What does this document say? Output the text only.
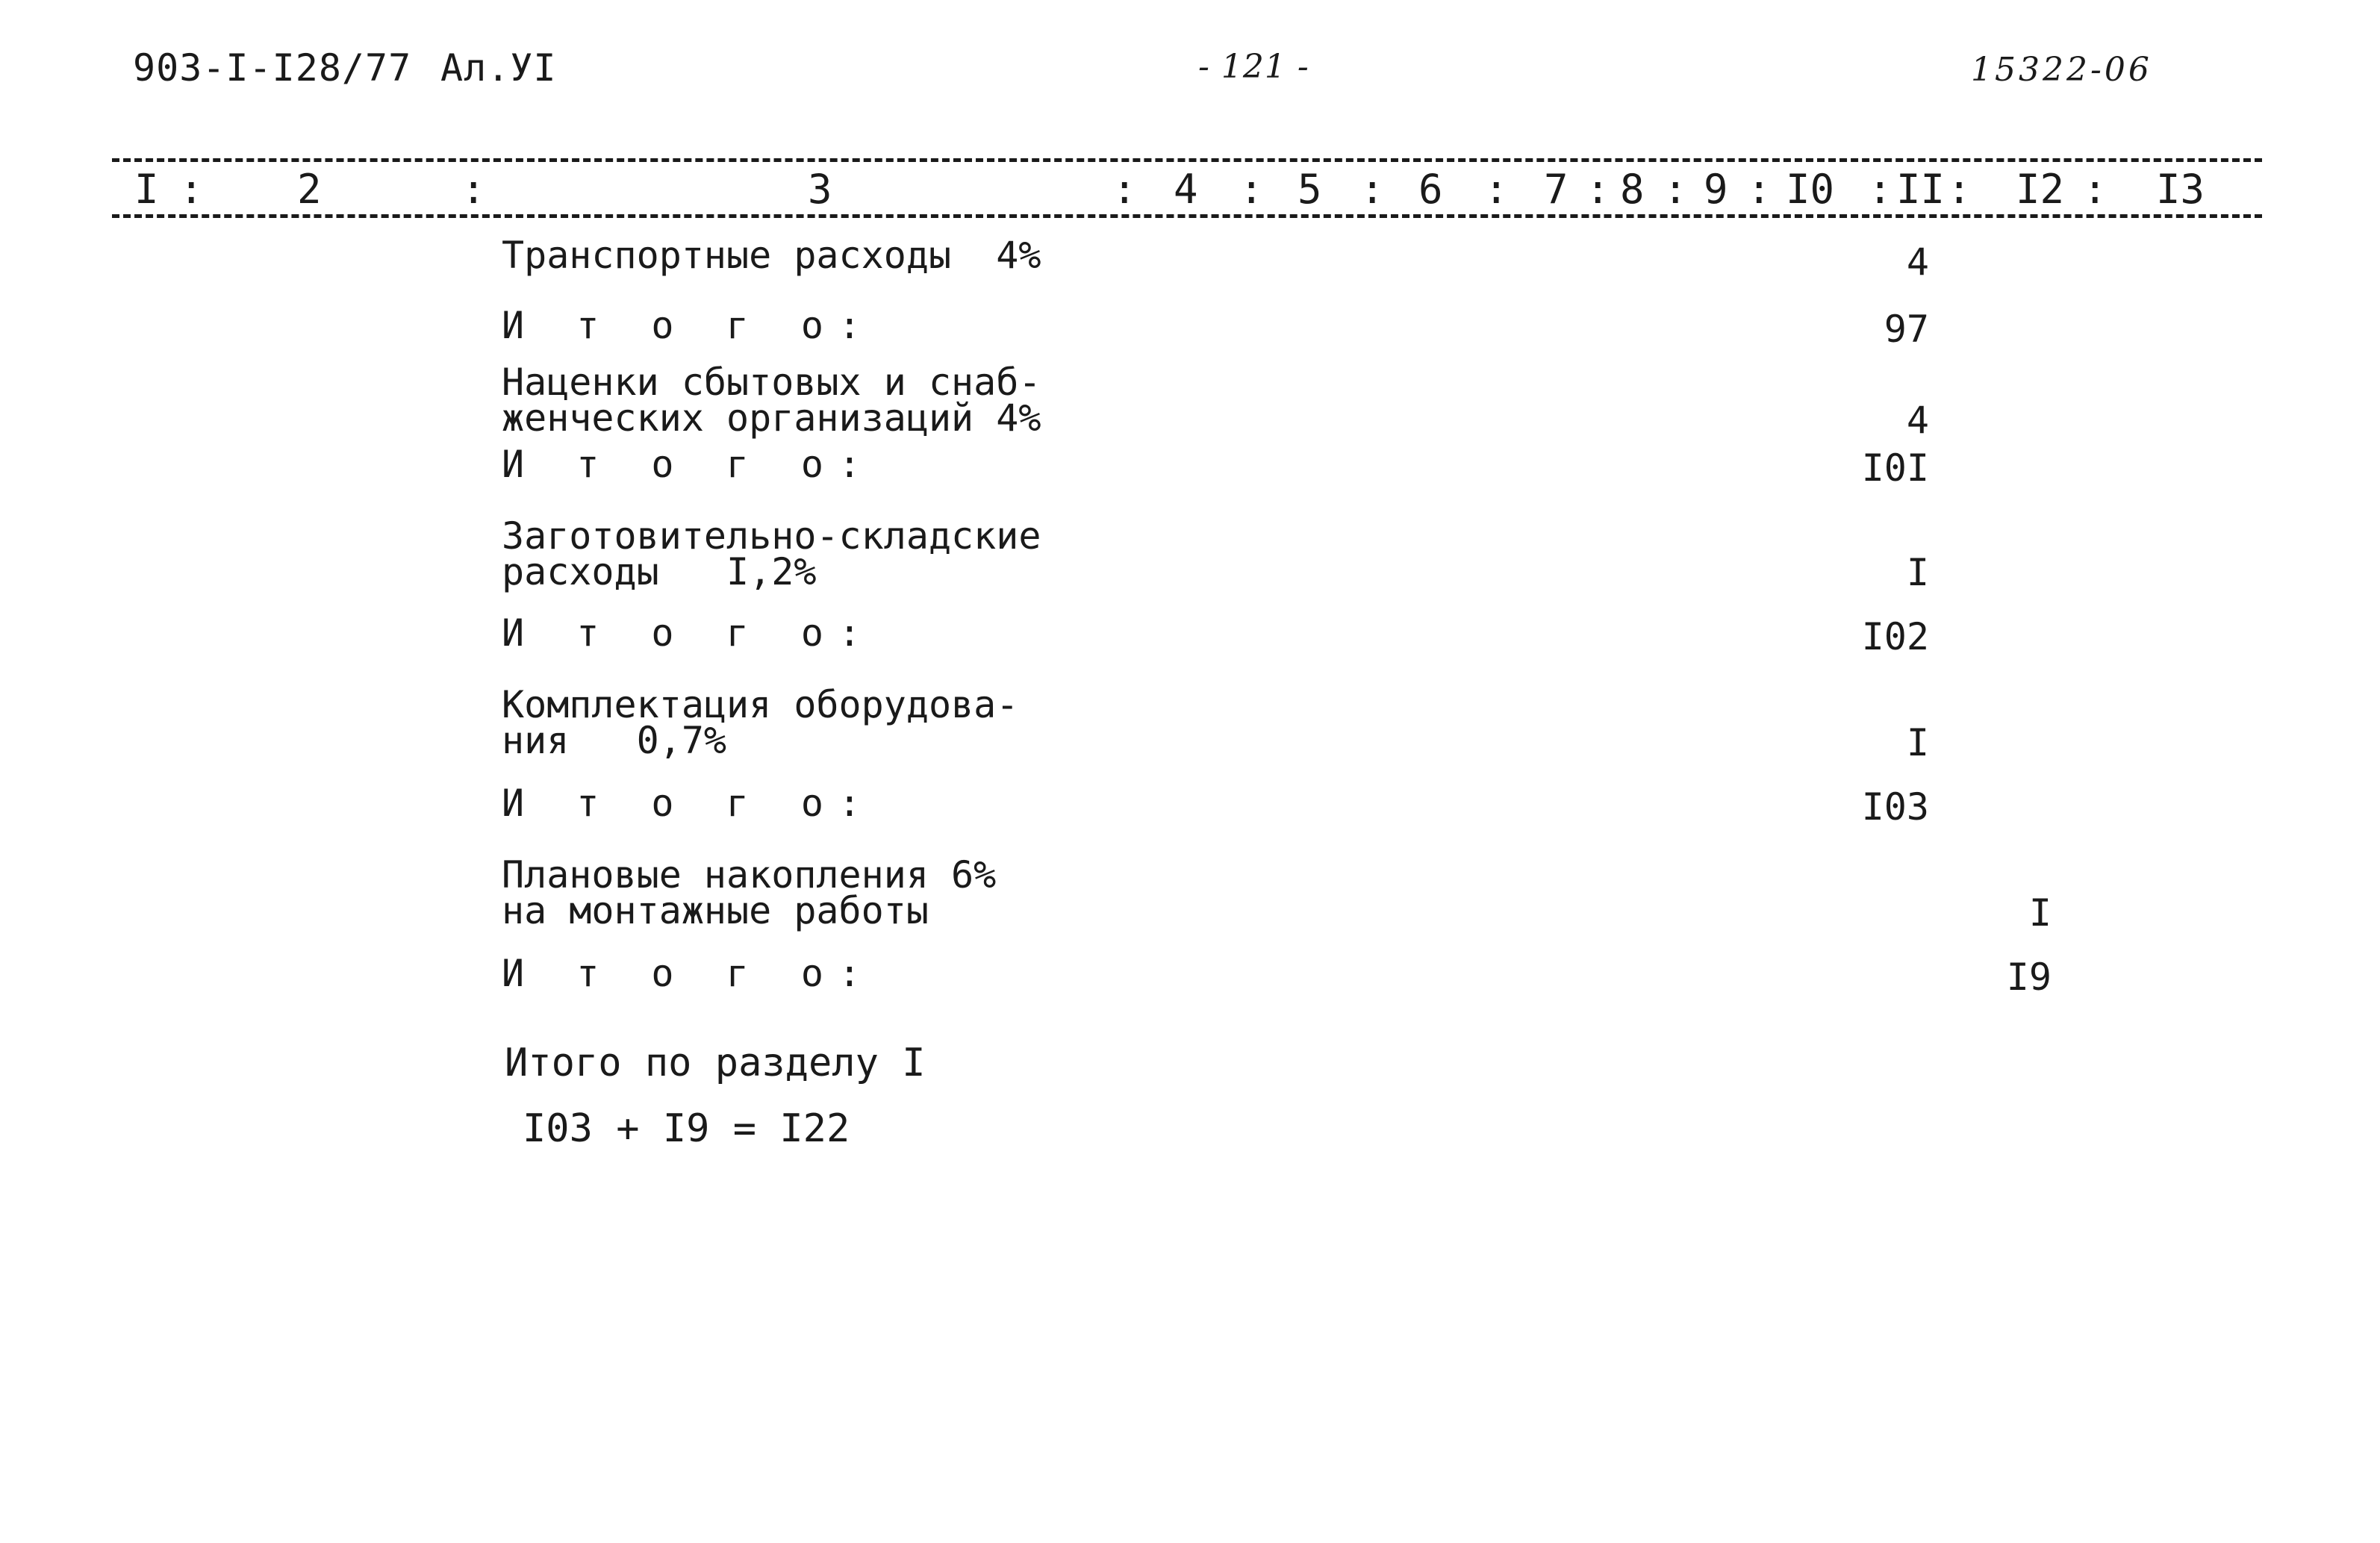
903-I-I28/77 Ал.УI	- 121 -	15322-06
I : 2	:	3	: 4 : 5 : 6 : 7 : 8 : 9 : I0 : II : I2 : I3
Транспортные расходы  4%	4
И т о г о:	97
Наценки сбытовых и снаб-
женческих организаций 4%	4
И т о г о:	I0I
Заготовительно-складские
расходы   I,2%	I
И т о г о:	I02
Комплектация оборудова-
ния   0,7%	I
И т о г о:	I03
Плановые накопления 6%
на монтажные работы	I
И т о г о:	I9
Итого по разделу I
I03 + I9 = I22
